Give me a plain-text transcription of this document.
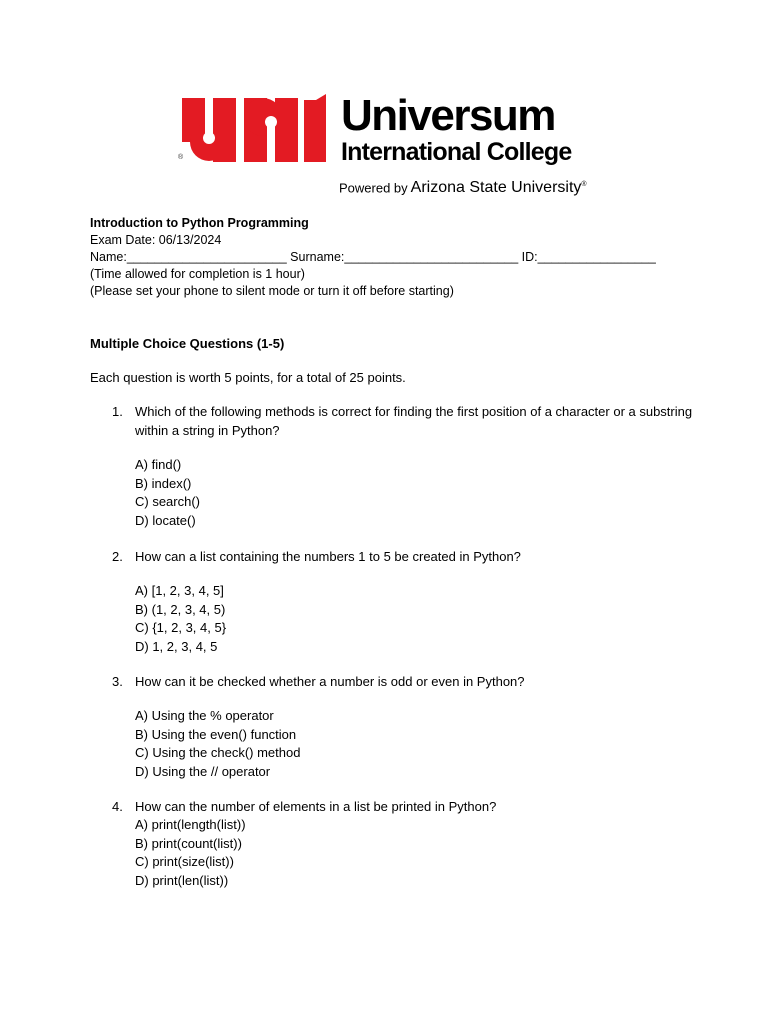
®
Universum
International College
Powered by Arizona State University®
Introduction to Python Programming
Exam Date: 06/13/2024
Name:_______________________ Surname:_________________________ ID:_________________
(Time allowed for completion is 1 hour)
(Please set your phone to silent mode or turn it off before starting)
Multiple Choice Questions (1-5)
Each question is worth 5 points, for a total of 25 points.
1. Which of the following methods is correct for finding the first position of a character or a substring within a string in Python?
A) find()
B) index()
C) search()
D) locate()
2. How can a list containing the numbers 1 to 5 be created in Python?
A) [1, 2, 3, 4, 5]
B) (1, 2, 3, 4, 5)
C) {1, 2, 3, 4, 5}
D) 1, 2, 3, 4, 5
3. How can it be checked whether a number is odd or even in Python?
A) Using the % operator
B) Using the even() function
C) Using the check() method
D) Using the // operator
4. How can the number of elements in a list be printed in Python?
A) print(length(list))
B) print(count(list))
C) print(size(list))
D) print(len(list))
